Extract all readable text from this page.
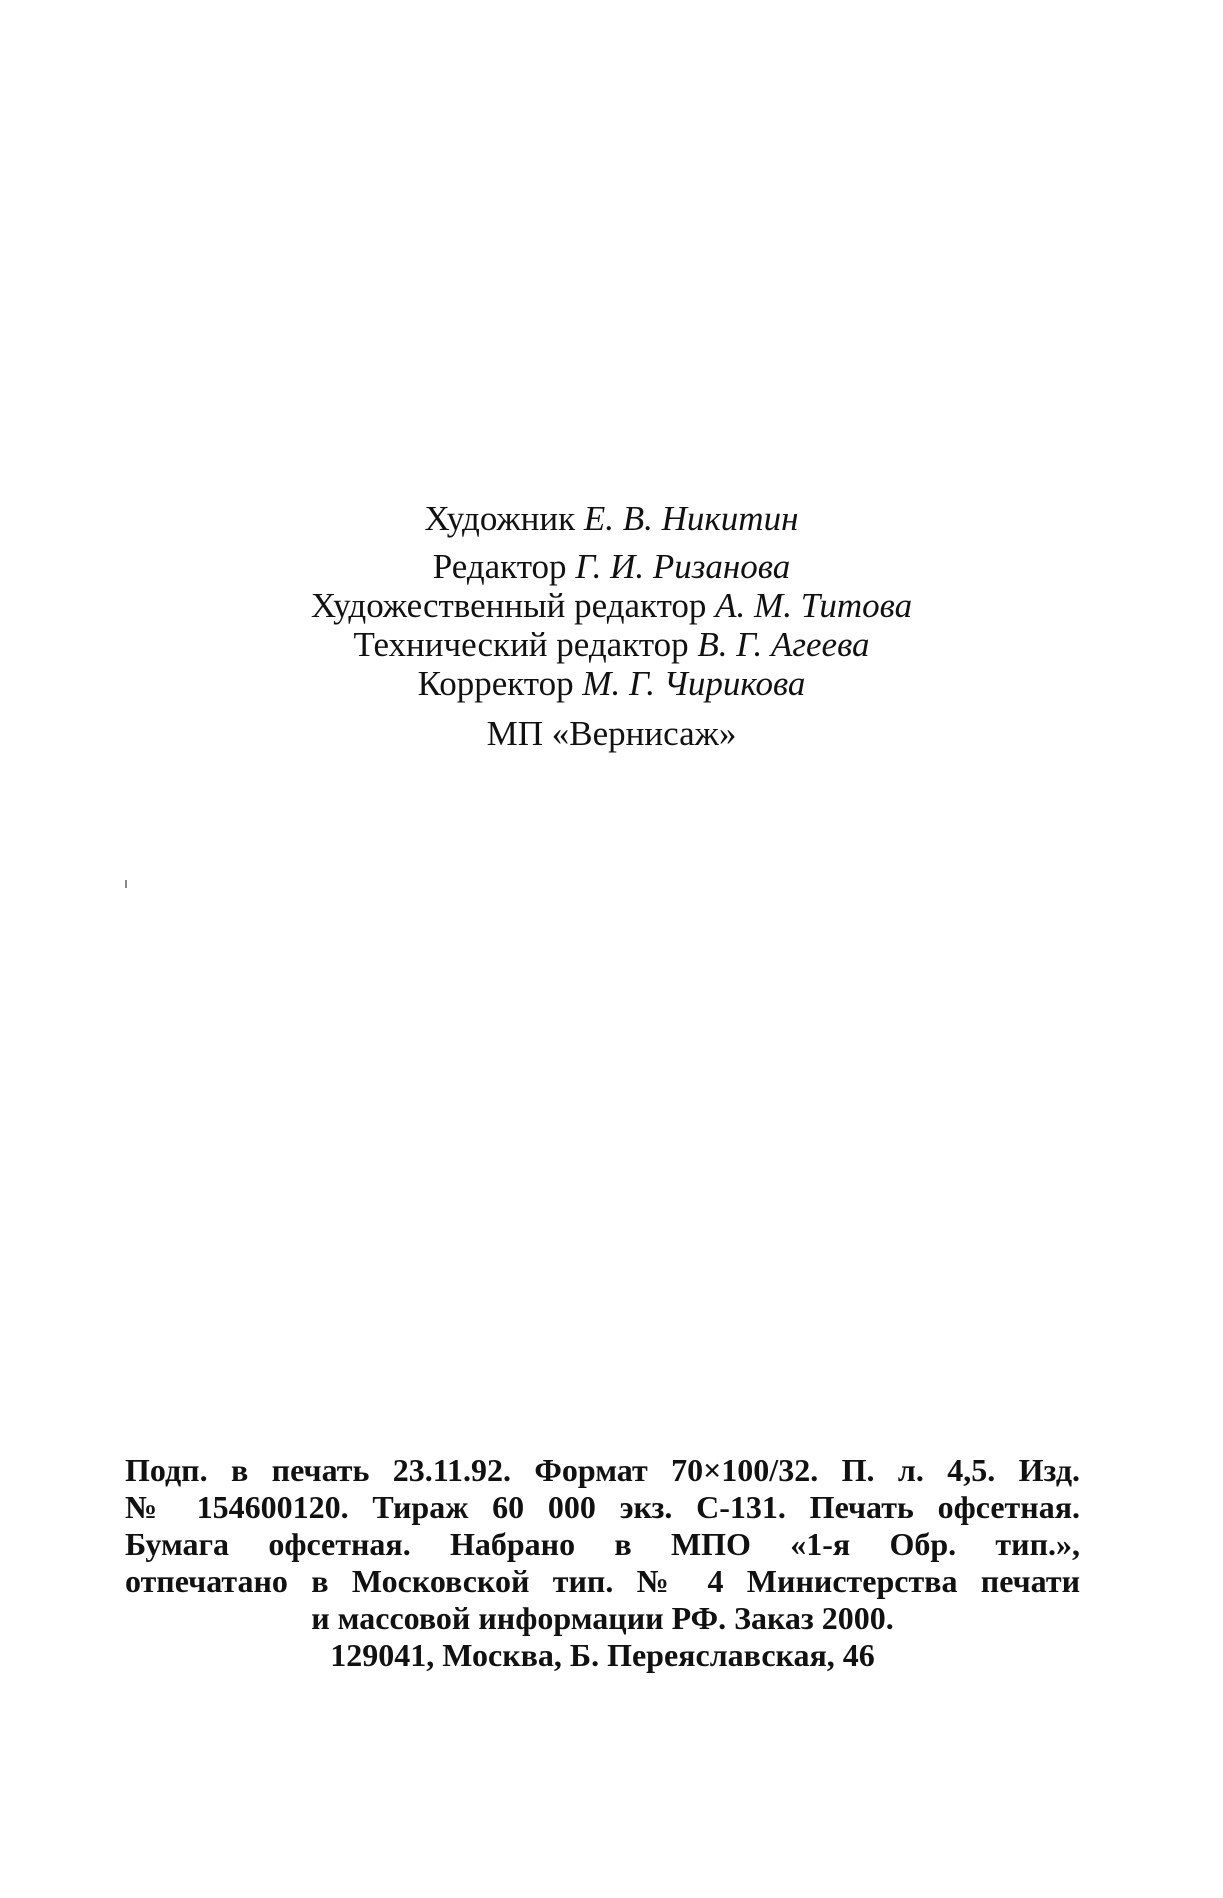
Художник Е. В. Никитин
Редактор Г. И. Ризанова
Художественный редактор А. М. Титова
Технический редактор В. Г. Агеева
Корректор М. Г. Чирикова
МП «Вернисаж»
Подп. в печать 23.11.92. Формат 70×100/32. П. л. 4,5. Изд.
№ 154600120. Тираж 60 000 экз. С-131. Печать офсетная.
Бумага офсетная. Набрано в МПО «1-я Обр. тип.»,
отпечатано в Московской тип. № 4 Министерства печати
и массовой информации РФ. Заказ 2000.
129041, Москва, Б. Переяславская, 46
